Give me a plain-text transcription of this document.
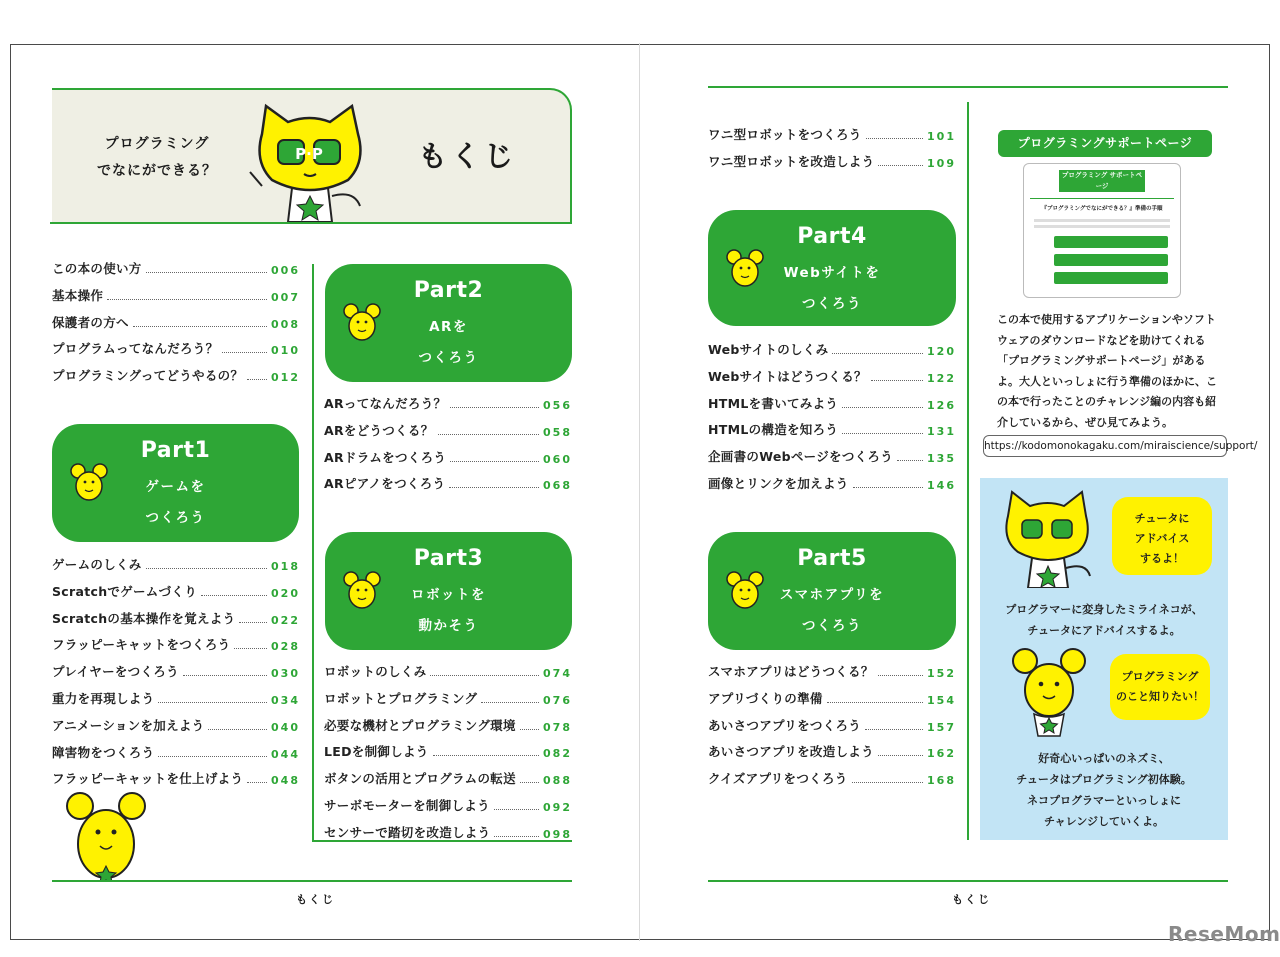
プログラミング
でなにができる？	もくじ
P·P
この本の使い方	006
基本操作	007
保護者の方へ	008
プログラムってなんだろう？	010
プログラミングってどうやるの？	012
もくじ
Part1
ゲームを
つくろう
Part2
ARを
つくろう
Part3
ロボットを
動かそう
ゲームのしくみ	018
Scratchでゲームづくり	020
Scratchの基本操作を覚えよう	022
フラッピーキャットをつくろう	028
プレイヤーをつくろう	030
重力を再現しよう	034
アニメーションを加えよう	040
障害物をつくろう	044
フラッピーキャットを仕上げよう	048
ARってなんだろう？	056
ARをどうつくる？	058
ARドラムをつくろう	060
ARピアノをつくろう	068
ロボットのしくみ	074
ロボットとプログラミング	076
必要な機材とプログラミング環境 078
LEDを制御しよう	082
ボタンの活用とプログラムの転送 088
サーボモーターを制御しよう	092
センサーで踏切を改造しよう	098
もくじ
ワニ型ロボットをつくろう	101
ワニ型ロボットを改造しよう	109
Part4
Webサイトを
つくろう
Part5
スマホアプリを
つくろう
Webサイトのしくみ	120
Webサイトはどうつくる？	122
HTMLを書いてみよう	126
HTMLの構造を知ろう	131
企画書のWebページをつくろう	135
画像とリンクを加えよう	146
スマホアプリはどうつくる？	152
アプリづくりの準備	154
あいさつアプリをつくろう	157
あいさつアプリを改造しよう	162
クイズアプリをつくろう	168
プログラミングサポートページ
プログラミング サポートページ
『プログラミングでなにができる？』準備の手順
この本で使用するアプリケーションやソフトウェアのダウンロードなどを助けてくれる「プログラミングサポートページ」があるよ。大人といっしょに行う準備のほかに、この本で行ったことのチャレンジ編の内容も紹介しているから、ぜひ見てみよう。
https://kodomonokagaku.com/miraiscience/support/
チュータに
アドバイス
するよ！
プログラマーに変身したミライネコが、
チュータにアドバイスするよ。
プログラミング
のこと知りたい！
好奇心いっぱいのネズミ、
チュータはプログラミング初体験。
ネコプログラマーといっしょに
チャレンジしていくよ。
ReseMom
